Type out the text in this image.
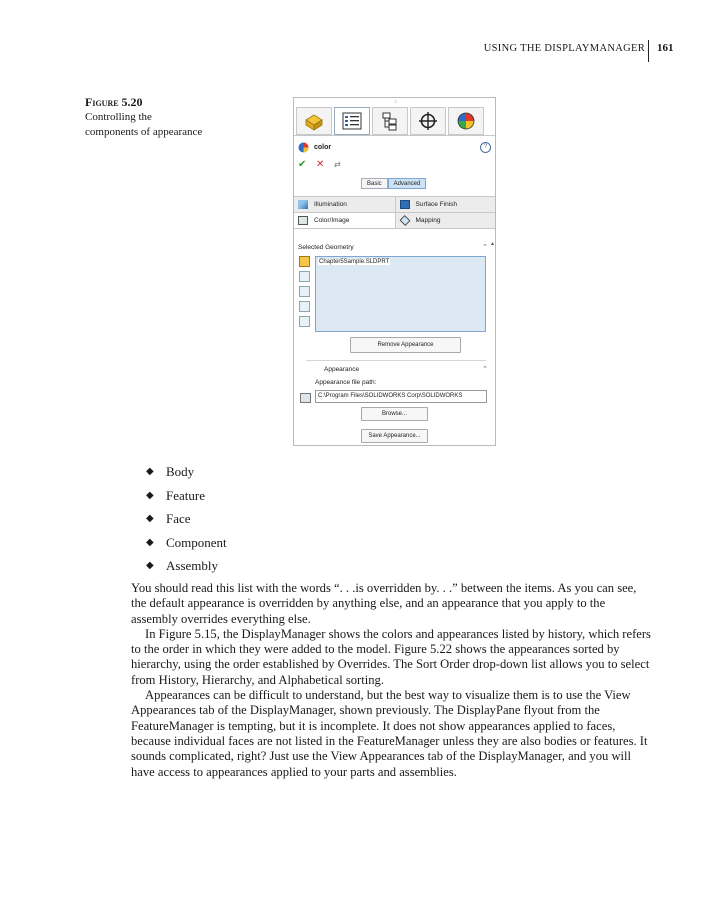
USING THE DISPLAYMANAGER 161
Figure 5.20
Controlling the components of appearance
○
color	?
✔ ✕ ⇄
Basic	Advanced
Illumination	Surface Finish
Color/Image	Mapping
Selected Geometry	⌃ ▴
Chapter5Sample.SLDPRT
Remove Appearance
Appearance	⌃
Appearance file path:
C:\Program Files\SOLIDWORKS Corp\SOLIDWORKS
Browse...
Save Appearance...
◆ Body
◆ Feature
◆ Face
◆ Component
◆ Assembly

You should read this list with the words “. . .is overridden by. . .” between the items. As you can see, the default appearance is overridden by anything else, and an appearance that you apply to the assembly overrides everything else.

In Figure 5.15, the DisplayManager shows the colors and appearances listed by history, which refers to the order in which they were added to the model. Figure 5.22 shows the appearances sorted by hierarchy, using the order established by Overrides. The Sort Order drop-down list allows you to select from History, Hierarchy, and Alphabetical sorting.

Appearances can be difficult to understand, but the best way to visualize them is to use the View Appearances tab of the DisplayManager, shown previously. The DisplayPane flyout from the FeatureManager is tempting, but it is incomplete. It does not show appearances applied to faces, because individual faces are not listed in the FeatureManager unless they are also bodies or features. It sounds complicated, right? Just use the View Appearances tab of the DisplayManager, and you will have access to appearances applied to your parts and assemblies.
